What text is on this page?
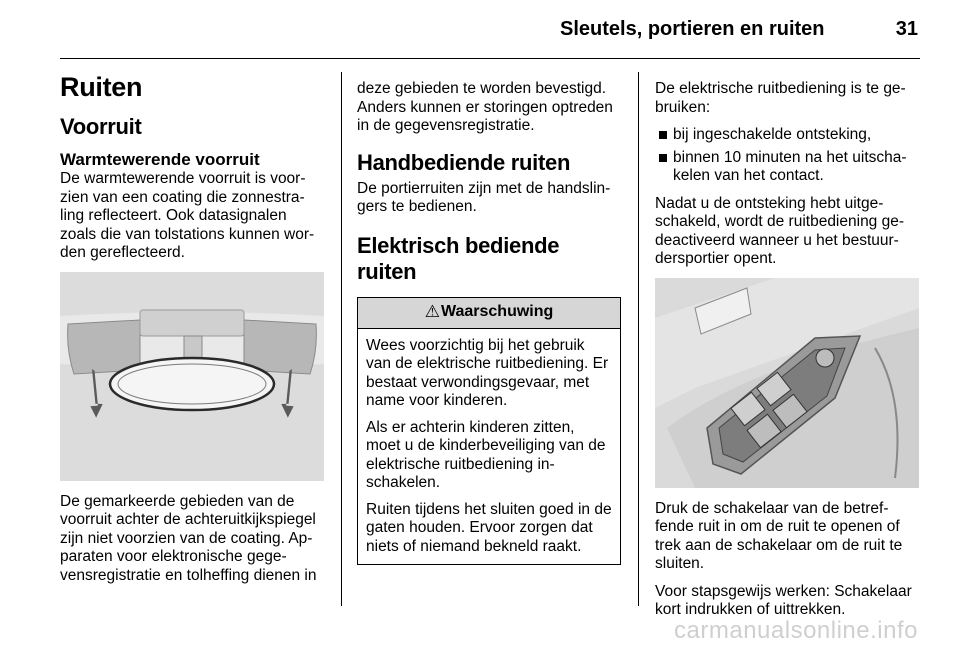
Sleutels, portieren en ruiten	31
Ruiten
Voorruit
Warmtewerende voorruit

De warmtewerende voorruit is voor-zien van een coating die zonnestra-ling reflecteert. Ook datasignalen zoals die van tolstations kunnen wor-den gereflecteerd.

De gemarkeerde gebieden van de voorruit achter de achteruitkijkspiegel zijn niet voorzien van de coating. Ap-paraten voor elektronische gege-vensregistratie en tolheffing dienen in

deze gebieden te worden bevestigd. Anders kunnen er storingen optreden in de gegevensregistratie.

Handbediende ruiten

De portierruiten zijn met de handslin-gers te bedienen.

Elektrisch bediende ruiten
⚠ Waarschuwing

Wees voorzichtig bij het gebruik van de elektrische ruitbediening. Er bestaat verwondingsgevaar, met name voor kinderen.

Als er achterin kinderen zitten, moet u de kinderbeveiliging van de elektrische ruitbediening in-schakelen.

Ruiten tijdens het sluiten goed in de gaten houden. Ervoor zorgen dat niets of niemand bekneld raakt.

De elektrische ruitbediening is te ge-bruiken:

bij ingeschakelde ontsteking,
binnen 10 minuten na het uitscha-kelen van het contact.

Nadat u de ontsteking hebt uitge-schakeld, wordt de ruitbediening ge-deactiveerd wanneer u het bestuur-dersportier opent.

Druk de schakelaar van de betref-fende ruit in om de ruit te openen of trek aan de schakelaar om de ruit te sluiten.

Voor stapsgewijs werken: Schakelaar kort indrukken of uittrekken.

carmanualsonline.info
